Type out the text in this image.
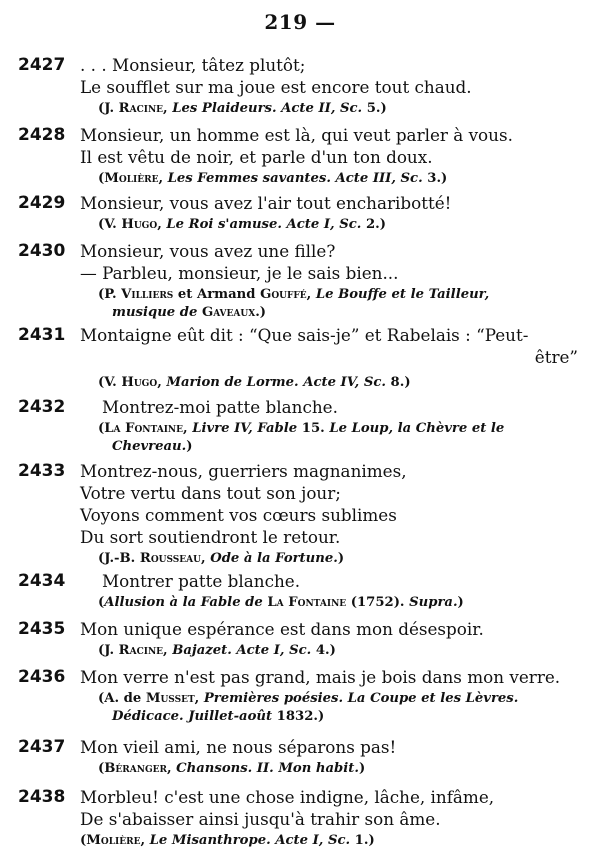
219 —
2427 . . . Monsieur, tâtez plutôt;
Le soufflet sur ma joue est encore tout chaud.
(J. Racine, Les Plaideurs. Acte II, Sc. 5.)
2428 Monsieur, un homme est là, qui veut parler à vous.
Il est vêtu de noir, et parle d'un ton doux.
(Molière, Les Femmes savantes. Acte III, Sc. 3.)
2429 Monsieur, vous avez l'air tout encharibotté!
(V. Hugo, Le Roi s'amuse. Acte I, Sc. 2.)
2430 Monsieur, vous avez une fille?
— Parbleu, monsieur, je le sais bien...
(P. Villiers et Armand Gouffé, Le Bouffe et le Tailleur,
musique de Gaveaux.)
2431 Montaigne eût dit : “Que sais-je” et Rabelais : “Peut-
être”
(V. Hugo, Marion de Lorme. Acte IV, Sc. 8.)
2432 Montrez-moi patte blanche.
(La Fontaine, Livre IV, Fable 15. Le Loup, la Chèvre et le
Chevreau.)
2433 Montrez-nous, guerriers magnanimes,
Votre vertu dans tout son jour;
Voyons comment vos cœurs sublimes
Du sort soutiendront le retour.
(J.-B. Rousseau, Ode à la Fortune.)
2434 Montrer patte blanche.
(Allusion à la Fable de La Fontaine (1752). Supra.)
2435 Mon unique espérance est dans mon désespoir.
(J. Racine, Bajazet. Acte I, Sc. 4.)
2436 Mon verre n'est pas grand, mais je bois dans mon verre.
(A. de Musset, Premières poésies. La Coupe et les Lèvres.
Dédicace. Juillet-août 1832.)
2437 Mon vieil ami, ne nous séparons pas!
(Béranger, Chansons. II. Mon habit.)
2438 Morbleu! c'est une chose indigne, lâche, infâme,
De s'abaisser ainsi jusqu'à trahir son âme.
(Molière, Le Misanthrope. Acte I, Sc. 1.)
